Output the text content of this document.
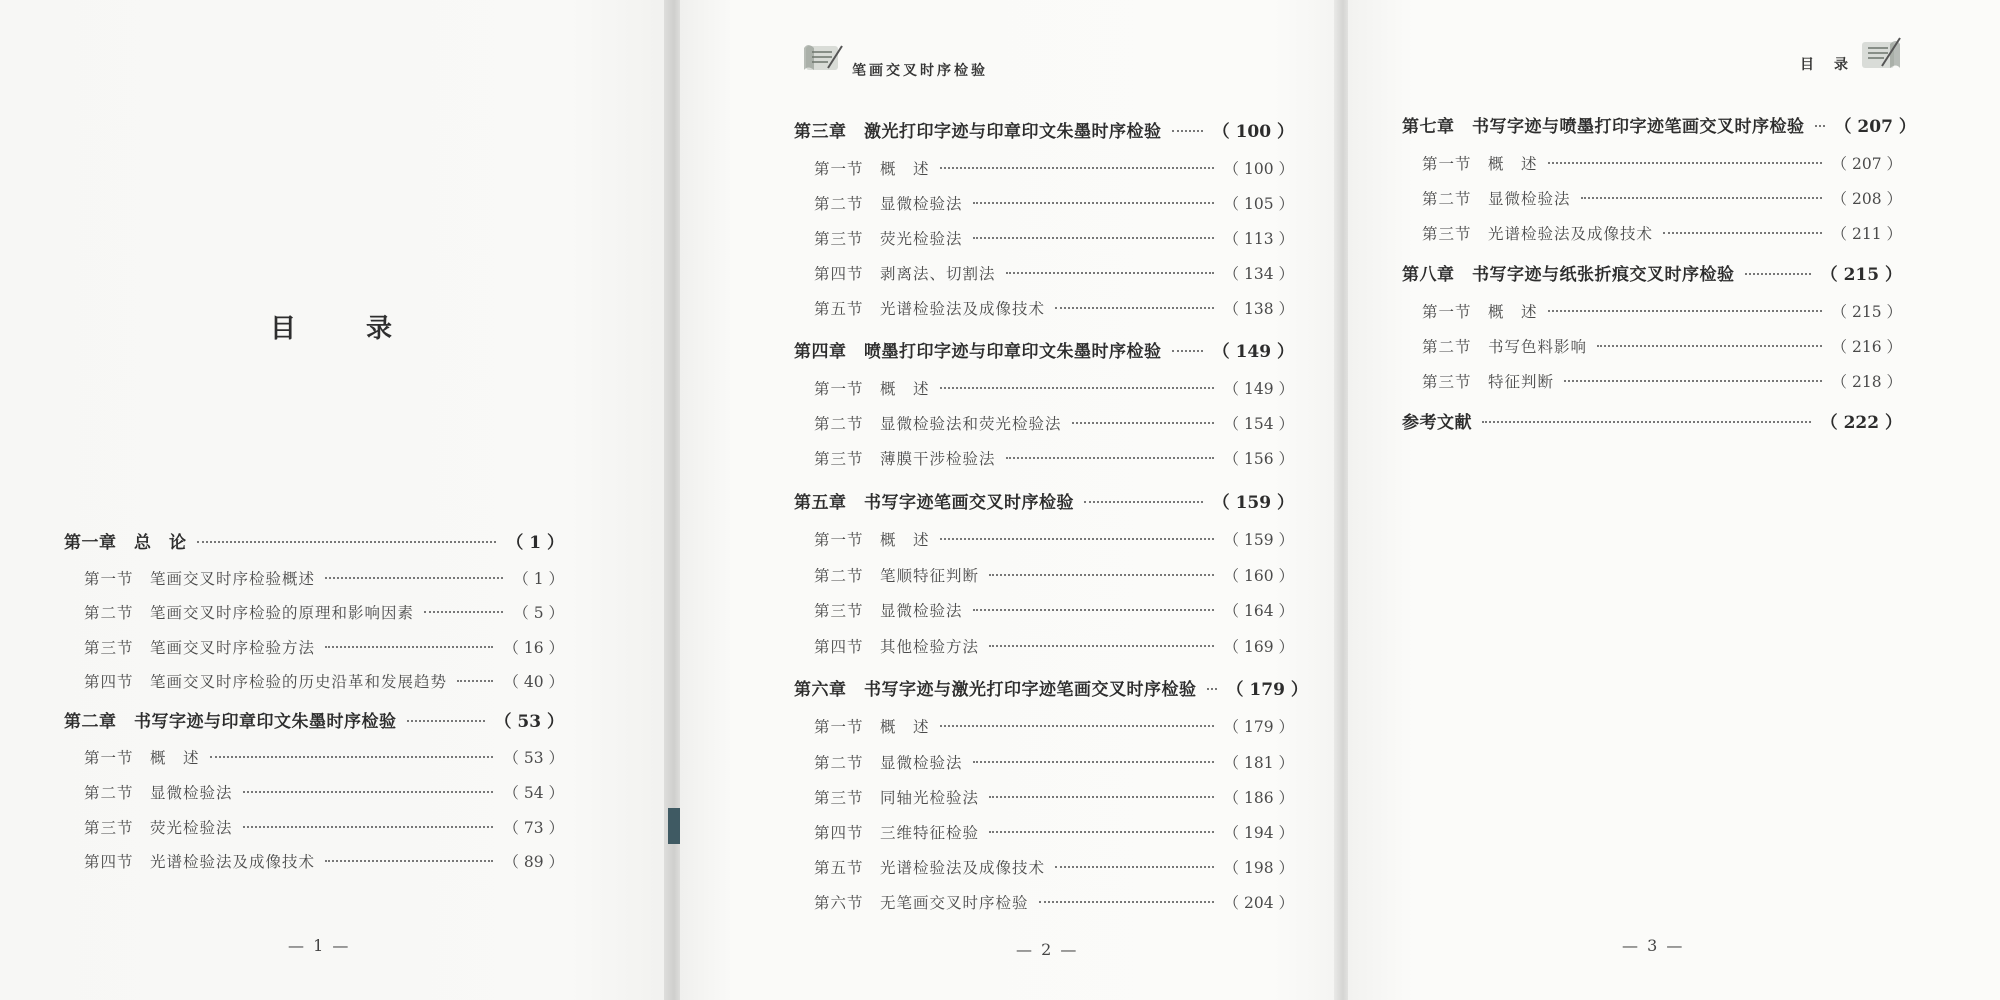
目　录
第一章　总　论	（ 1 ）
第一节　笔画交叉时序检验概述	（ 1 ）
第二节　笔画交叉时序检验的原理和影响因素	（ 5 ）
第三节　笔画交叉时序检验方法	（ 16 ）
第四节　笔画交叉时序检验的历史沿革和发展趋势	（ 40 ）
第二章　书写字迹与印章印文朱墨时序检验	（ 53 ）
第一节　概　述	（ 53 ）
第二节　显微检验法	（ 54 ）
第三节　荧光检验法	（ 73 ）
第四节　光谱检验法及成像技术	（ 89 ）
— 1 —
笔画交叉时序检验
第三章　激光打印字迹与印章印文朱墨时序检验	（ 100 ）
第一节　概　述	（ 100 ）
第二节　显微检验法	（ 105 ）
第三节　荧光检验法	（ 113 ）
第四节　剥离法、切割法	（ 134 ）
第五节　光谱检验法及成像技术	（ 138 ）
第四章　喷墨打印字迹与印章印文朱墨时序检验	（ 149 ）
第一节　概　述	（ 149 ）
第二节　显微检验法和荧光检验法	（ 154 ）
第三节　薄膜干涉检验法	（ 156 ）
第五章　书写字迹笔画交叉时序检验	（ 159 ）
第一节　概　述	（ 159 ）
第二节　笔顺特征判断	（ 160 ）
第三节　显微检验法	（ 164 ）
第四节　其他检验方法	（ 169 ）
第六章　书写字迹与激光打印字迹笔画交叉时序检验 （ 179 ）
第一节　概　述	（ 179 ）
第二节　显微检验法	（ 181 ）
第三节　同轴光检验法	（ 186 ）
第四节　三维特征检验	（ 194 ）
第五节　光谱检验法及成像技术	（ 198 ）
第六节　无笔画交叉时序检验	（ 204 ）
— 2 —
目　录
第七章　书写字迹与喷墨打印字迹笔画交叉时序检验 （ 207 ）
第一节　概　述	（ 207 ）
第二节　显微检验法	（ 208 ）
第三节　光谱检验法及成像技术	（ 211 ）
第八章　书写字迹与纸张折痕交叉时序检验	（ 215 ）
第一节　概　述	（ 215 ）
第二节　书写色料影响	（ 216 ）
第三节　特征判断	（ 218 ）
参考文献	（ 222 ）
— 3 —
